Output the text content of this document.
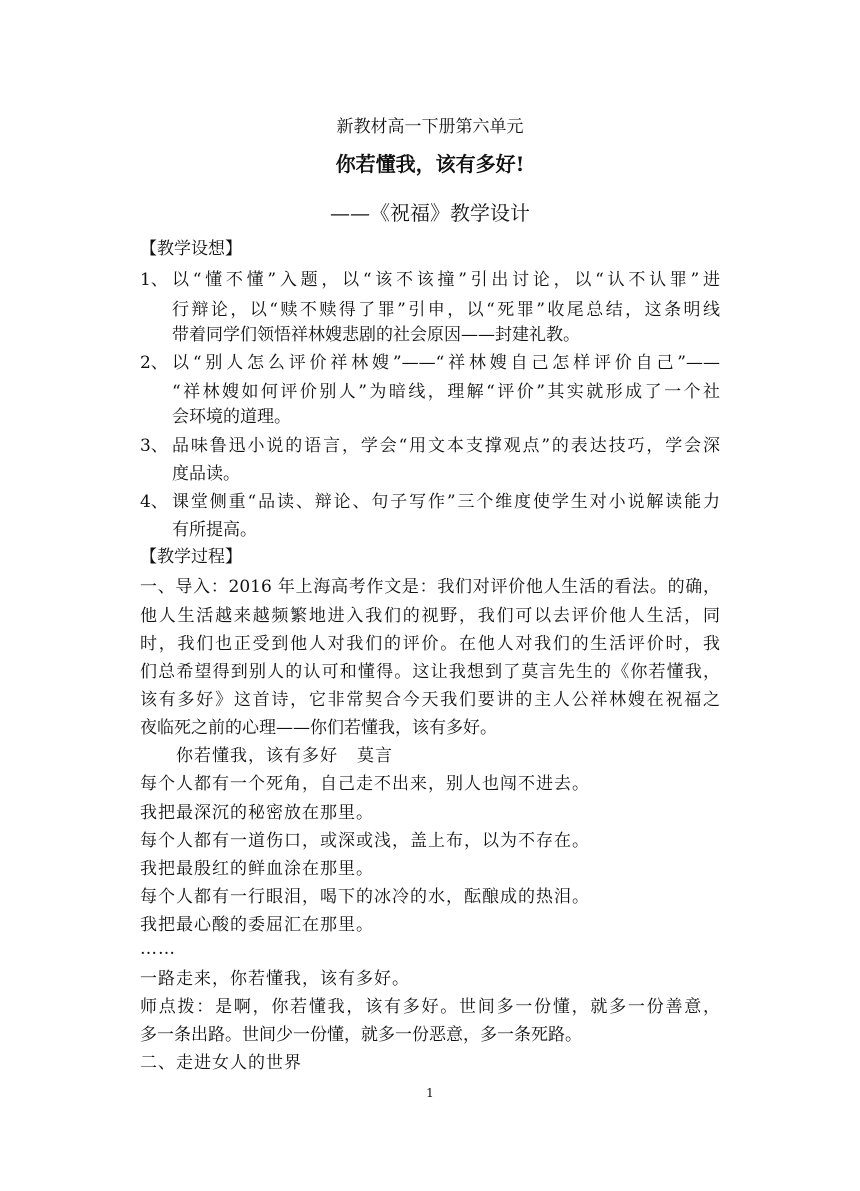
新教材高一下册第六单元
你若懂我，该有多好!
——《祝福》教学设计
【教学设想】
1、 以“懂不懂”入题，以“该不该撞”引出讨论，以“认不认罪”进
行辩论，以“赎不赎得了罪”引申，以“死罪”收尾总结，这条明线
带着同学们领悟祥林嫂悲剧的社会原因——封建礼教。
2、 以“别人怎么评价祥林嫂”——“祥林嫂自己怎样评价自己”——
“祥林嫂如何评价别人”为暗线，理解“评价”其实就形成了一个社
会环境的道理。
3、 品味鲁迅小说的语言，学会“用文本支撑观点”的表达技巧，学会深
度品读。
4、 课堂侧重“品读、辩论、句子写作”三个维度使学生对小说解读能力
有所提高。
【教学过程】
一、导入：2016 年上海高考作文是：我们对评价他人生活的看法。的确，
他人生活越来越频繁地进入我们的视野，我们可以去评价他人生活，同
时，我们也正受到他人对我们的评价。在他人对我们的生活评价时，我
们总希望得到别人的认可和懂得。这让我想到了莫言先生的《你若懂我，
该有多好》这首诗，它非常契合今天我们要讲的主人公祥林嫂在祝福之
夜临死之前的心理——你们若懂我，该有多好。
你若懂我，该有多好 莫言
每个人都有一个死角，自己走不出来，别人也闯不进去。
我把最深沉的秘密放在那里。
每个人都有一道伤口，或深或浅，盖上布，以为不存在。
我把最殷红的鲜血涂在那里。
每个人都有一行眼泪，喝下的冰冷的水，酝酿成的热泪。
我把最心酸的委屈汇在那里。
……
一路走来，你若懂我，该有多好。
师点拨：是啊，你若懂我，该有多好。世间多一份懂，就多一份善意，
多一条出路。世间少一份懂，就多一份恶意，多一条死路。
二、走进女人的世界
1
